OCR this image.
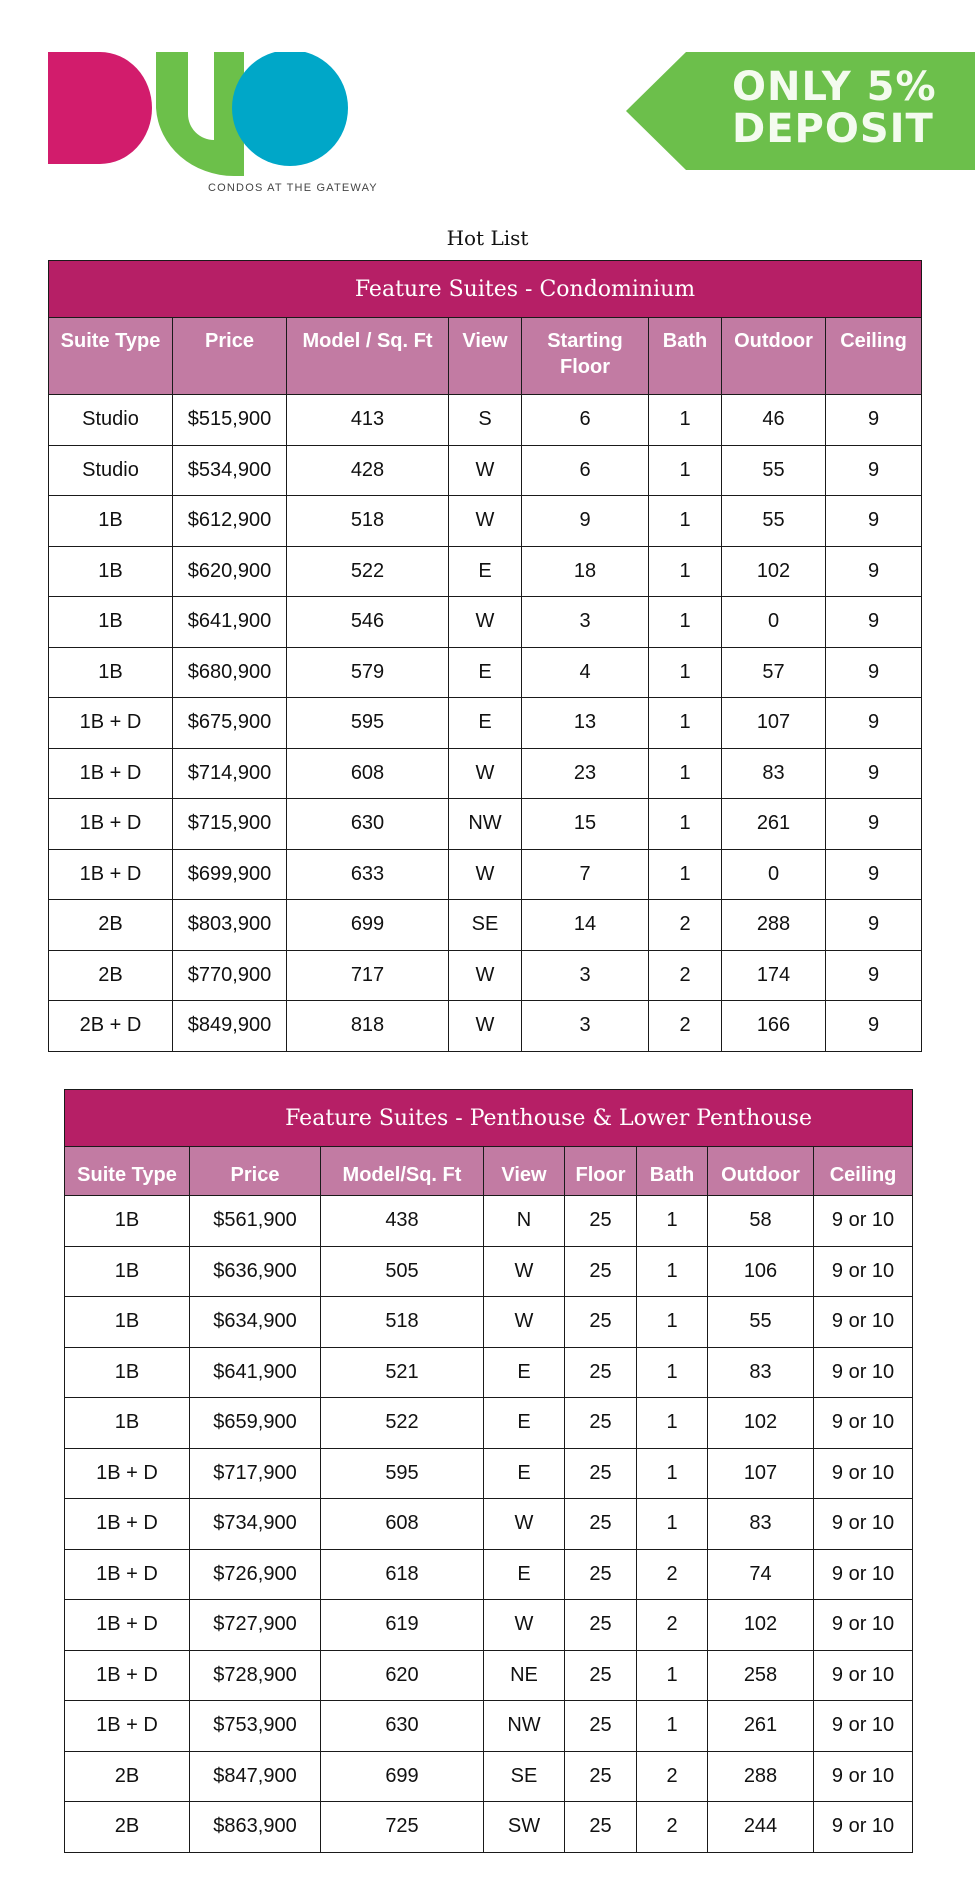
CONDOS AT THE GATEWAY
ONLY 5%
DEPOSIT
Hot List
Feature Suites - Condominium							
Suite Type	Price	Model / Sq. Ft	View	Starting Floor	Bath	Outdoor	Ceiling
Studio	$515,900	413	S	6	1	46	9
Studio	$534,900	428	W	6	1	55	9
1B	$612,900	518	W	9	1	55	9
1B	$620,900	522	E	18	1	102	9
1B	$641,900	546	W	3	1	0	9
1B	$680,900	579	E	4	1	57	9
1B + D	$675,900	595	E	13	1	107	9
1B + D	$714,900	608	W	23	1	83	9
1B + D	$715,900	630	NW	15	1	261	9
1B + D	$699,900	633	W	7	1	0	9
2B	$803,900	699	SE	14	2	288	9
2B	$770,900	717	W	3	2	174	9
2B + D	$849,900	818	W	3	2	166	9
Feature Suites - Penthouse & Lower Penthouse							
Suite Type	Price	Model/Sq. Ft	View	Floor	Bath	Outdoor	Ceiling
1B	$561,900	438	N	25	1	58	9 or 10
1B	$636,900	505	W	25	1	106	9 or 10
1B	$634,900	518	W	25	1	55	9 or 10
1B	$641,900	521	E	25	1	83	9 or 10
1B	$659,900	522	E	25	1	102	9 or 10
1B + D	$717,900	595	E	25	1	107	9 or 10
1B + D	$734,900	608	W	25	1	83	9 or 10
1B + D	$726,900	618	E	25	2	74	9 or 10
1B + D	$727,900	619	W	25	2	102	9 or 10
1B + D	$728,900	620	NE	25	1	258	9 or 10
1B + D	$753,900	630	NW	25	1	261	9 or 10
2B	$847,900	699	SE	25	2	288	9 or 10
2B	$863,900	725	SW	25	2	244	9 or 10
